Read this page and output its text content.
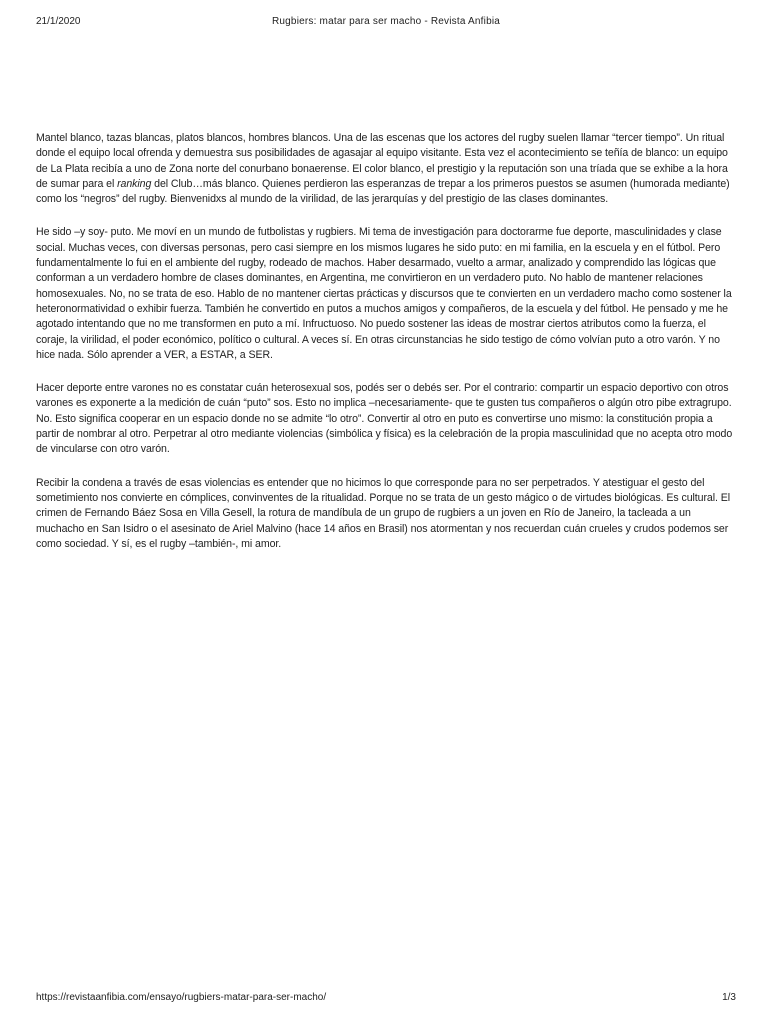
21/1/2020	Rugbiers: matar para ser macho - Revista Anfibia

Mantel blanco, tazas blancas, platos blancos, hombres blancos. Una de las escenas que los actores del rugby suelen llamar “tercer tiempo”. Un ritual donde el equipo local ofrenda y demuestra sus posibilidades de agasajar al equipo visitante. Esta vez el acontecimiento se teñía de blanco: un equipo de La Plata recibía a uno de Zona norte del conurbano bonaerense. El color blanco, el prestigio y la reputación son una tríada que se exhibe a la hora de sumar para el ranking del Club…más blanco. Quienes perdieron las esperanzas de trepar a los primeros puestos se asumen (humorada mediante) como los “negros” del rugby. Bienvenidxs al mundo de la virilidad, de las jerarquías y del prestigio de las clases dominantes.

He sido –y soy- puto. Me moví en un mundo de futbolistas y rugbiers. Mi tema de investigación para doctorarme fue deporte, masculinidades y clase social. Muchas veces, con diversas personas, pero casi siempre en los mismos lugares he sido puto: en mi familia, en la escuela y en el fútbol. Pero fundamentalmente lo fui en el ambiente del rugby, rodeado de machos. Haber desarmado, vuelto a armar, analizado y comprendido las lógicas que conforman a un verdadero hombre de clases dominantes, en Argentina, me convirtieron en un verdadero puto. No hablo de mantener relaciones homosexuales. No, no se trata de eso. Hablo de no mantener ciertas prácticas y discursos que te convierten en un verdadero macho como sostener la heteronormatividad o exhibir fuerza. También he convertido en putos a muchos amigos y compañeros, de la escuela y del fútbol. He pensado y me he agotado intentando que no me transformen en puto a mí. Infructuoso. No puedo sostener las ideas de mostrar ciertos atributos como la fuerza, el coraje, la virilidad, el poder económico, político o cultural. A veces sí. En otras circunstancias he sido testigo de cómo volvían puto a otro varón. Y no hice nada. Sólo aprender a VER, a ESTAR, a SER.

Hacer deporte entre varones no es constatar cuán heterosexual sos, podés ser o debés ser. Por el contrario: compartir un espacio deportivo con otros varones es exponerte a la medición de cuán “puto” sos. Esto no implica –necesariamente- que te gusten tus compañeros o algún otro pibe extragrupo. No. Esto significa cooperar en un espacio donde no se admite “lo otro”. Convertir al otro en puto es convertirse uno mismo: la constitución propia a partir de nombrar al otro. Perpetrar al otro mediante violencias (simbólica y física) es la celebración de la propia masculinidad que no acepta otro modo de vincularse con otro varón.

Recibir la condena a través de esas violencias es entender que no hicimos lo que corresponde para no ser perpetrados. Y atestiguar el gesto del sometimiento nos convierte en cómplices, convinventes de la ritualidad. Porque no se trata de un gesto mágico o de virtudes biológicas. Es cultural. El crimen de Fernando Báez Sosa en Villa Gesell, la rotura de mandíbula de un grupo de rugbiers a un joven en Río de Janeiro, la tacleada a un muchacho en San Isidro o el asesinato de Ariel Malvino (hace 14 años en Brasil) nos atormentan y nos recuerdan cuán crueles y crudos podemos ser como sociedad. Y sí, es el rugby –también-, mi amor.

https://revistaanfibia.com/ensayo/rugbiers-matar-para-ser-macho/	1/3
